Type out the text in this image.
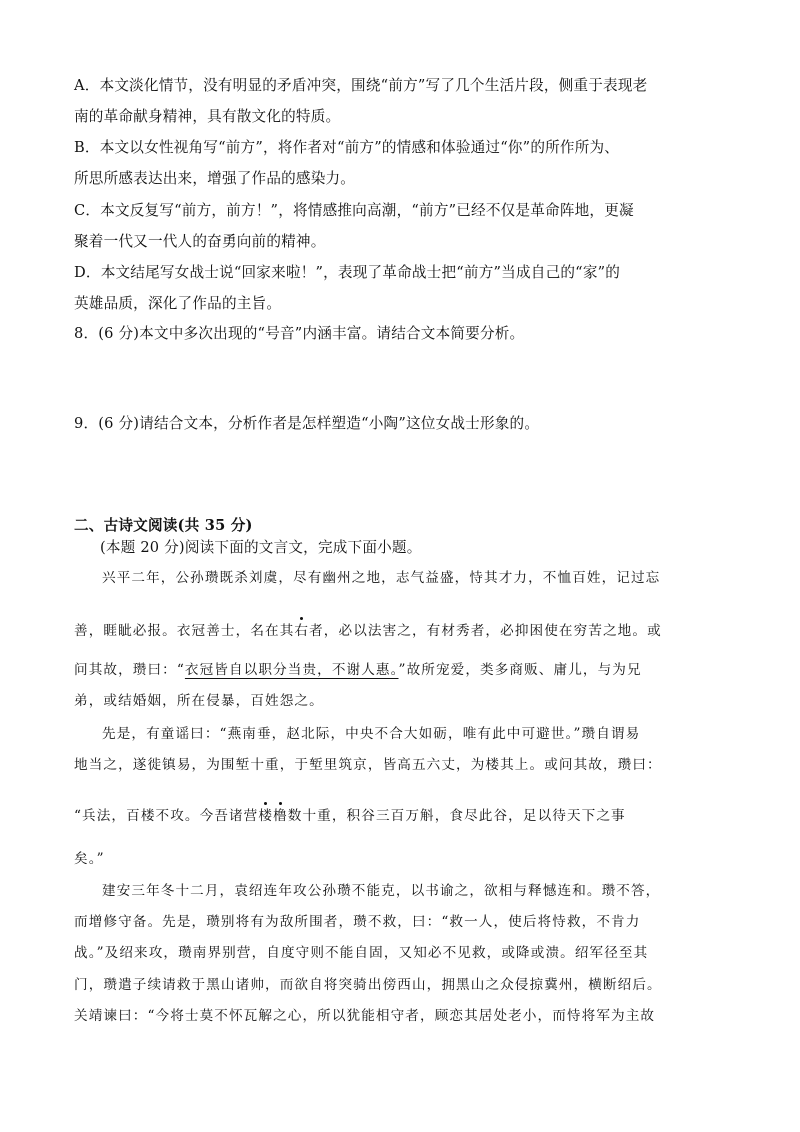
A．本文淡化情节，没有明显的矛盾冲突，围绕“前方”写了几个生活片段，侧重于表现老
南的革命献身精神，具有散文化的特质。
B．本文以女性视角写“前方”，将作者对“前方”的情感和体验通过“你”的所作所为、
所思所感表达出来，增强了作品的感染力。
C．本文反复写“前方，前方！”，将情感推向高潮，“前方”已经不仅是革命阵地，更凝
聚着一代又一代人的奋勇向前的精神。
D．本文结尾写女战士说“回家来啦！”，表现了革命战士把“前方”当成自己的“家”的
英雄品质，深化了作品的主旨。
8．(6 分)本文中多次出现的“号音”内涵丰富。请结合文本简要分析。
9．(6 分)请结合文本，分析作者是怎样塑造“小陶”这位女战士形象的。
二、古诗文阅读(共 35 分)
(本题 20 分)阅读下面的文言文，完成下面小题。
兴平二年，公孙瓒既杀刘虞，尽有幽州之地，志气益盛，恃其才力，不恤百姓，记过忘
善，睚眦必报。衣冠善士，名在其右者，必以法害之，有材秀者，必抑困使在穷苦之地。或
问其故，瓒曰：“衣冠皆自以职分当贵，不谢人惠。”故所宠爱，类多商贩、庸儿，与为兄
弟，或结婚姻，所在侵暴，百姓怨之。
先是，有童谣曰：“燕南垂，赵北际，中央不合大如砺，唯有此中可避世。”瓒自谓易
地当之，遂徙镇易，为围堑十重，于堑里筑京，皆高五六丈，为楼其上。或问其故，瓒曰：
“兵法，百楼不攻。今吾诸营楼橹数十重，积谷三百万斛，食尽此谷，足以待天下之事
矣。”
建安三年冬十二月，袁绍连年攻公孙瓒不能克，以书谕之，欲相与释憾连和。瓒不答，
而增修守备。先是，瓒别将有为敌所围者，瓒不救，曰：“救一人，使后将恃救，不肯力
战。”及绍来攻，瓒南界别营，自度守则不能自固，又知必不见救，或降或溃。绍军径至其
门，瓒遣子续请救于黑山诸帅，而欲自将突骑出傍西山，拥黑山之众侵掠冀州，横断绍后。
关靖谏曰：“今将士莫不怀瓦解之心，所以犹能相守者，顾恋其居处老小，而恃将军为主故
